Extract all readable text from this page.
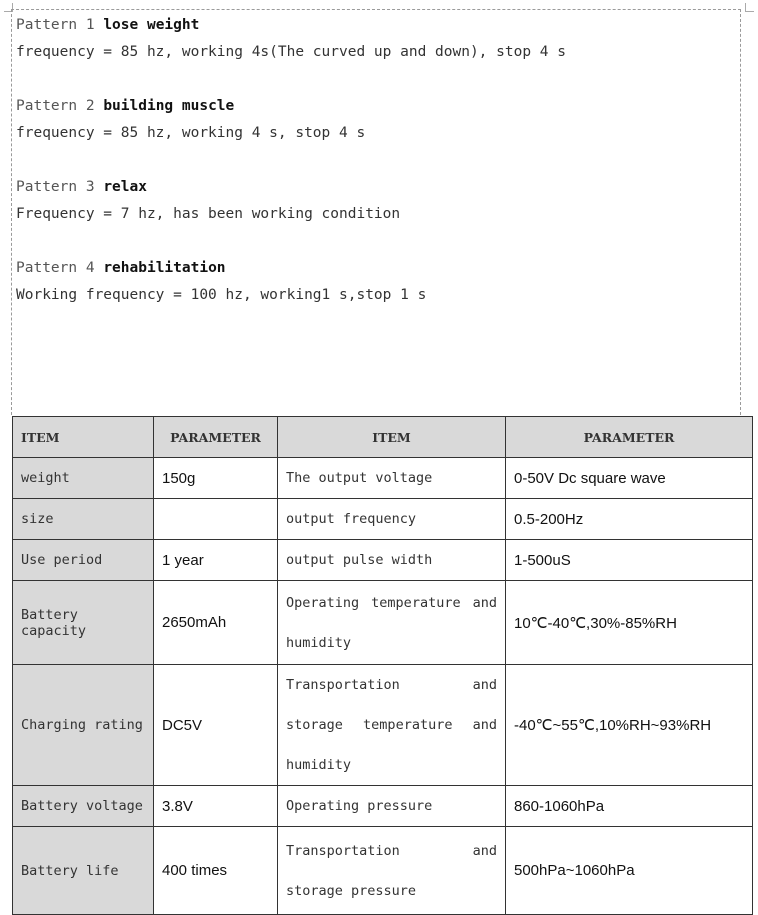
Pattern 1 lose weight
frequency = 85 hz, working 4s(The curved up and down), stop 4 s
Pattern 2 building muscle
frequency = 85 hz, working 4 s, stop 4 s
Pattern 3 relax
Frequency = 7 hz, has been working condition
Pattern 4 rehabilitation
Working frequency = 100 hz, working1 s,stop 1 s
ITEM	PARAMETER	ITEM	PARAMETER
weight	150g	The output voltage	0-50V Dc square wave
size		output frequency	0.5-200Hz
Use period	1 year	output pulse width	1-500uS
Battery capacity	2650mAh	Operating temperature and humidity	10℃-40℃,30%-85%RH
Charging rating	DC5V	Transportation and storage temperature and humidity	-40℃~55℃,10%RH~93%RH
Battery voltage	3.8V	Operating pressure	860-1060hPa
Battery life	400 times	Transportation and storage pressure	500hPa~1060hPa
